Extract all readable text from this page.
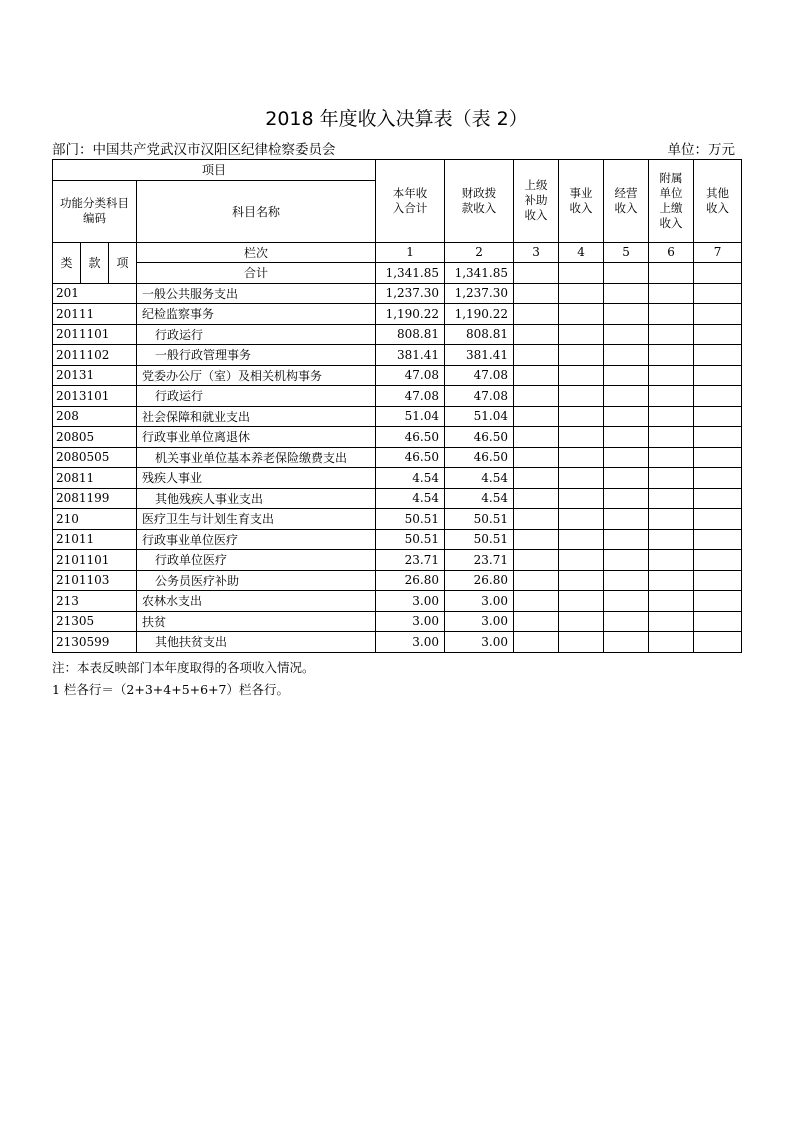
2018 年度收入决算表（表 2）
部门：中国共产党武汉市汉阳区纪律检察委员会	单位：万元
项目				本年收入合计	财政拨款收入	上级补助收入	事业收入	经营收入	附属单位上缴收入	其他收入
功能分类科目编码			科目名称							
类	款	项	栏次	1	2	3	4	5	6	7
			合计	1,341.85	1,341.85					
201			一般公共服务支出	1,237.30	1,237.30					
20111			纪检监察事务	1,190.22	1,190.22					
2011101			行政运行	808.81	808.81					
2011102			一般行政管理事务	381.41	381.41					
20131			党委办公厅（室）及相关机构事务	47.08	47.08					
2013101			行政运行	47.08	47.08					
208			社会保障和就业支出	51.04	51.04					
20805			行政事业单位离退休	46.50	46.50					
2080505			机关事业单位基本养老保险缴费支出	46.50	46.50					
20811			残疾人事业	4.54	4.54					
2081199			其他残疾人事业支出	4.54	4.54					
210			医疗卫生与计划生育支出	50.51	50.51					
21011			行政事业单位医疗	50.51	50.51					
2101101			行政单位医疗	23.71	23.71					
2101103			公务员医疗补助	26.80	26.80					
213			农林水支出	3.00	3.00					
21305			扶贫	3.00	3.00					
2130599			其他扶贫支出	3.00	3.00					
注：本表反映部门本年度取得的各项收入情况。
1 栏各行＝（2+3+4+5+6+7）栏各行。
